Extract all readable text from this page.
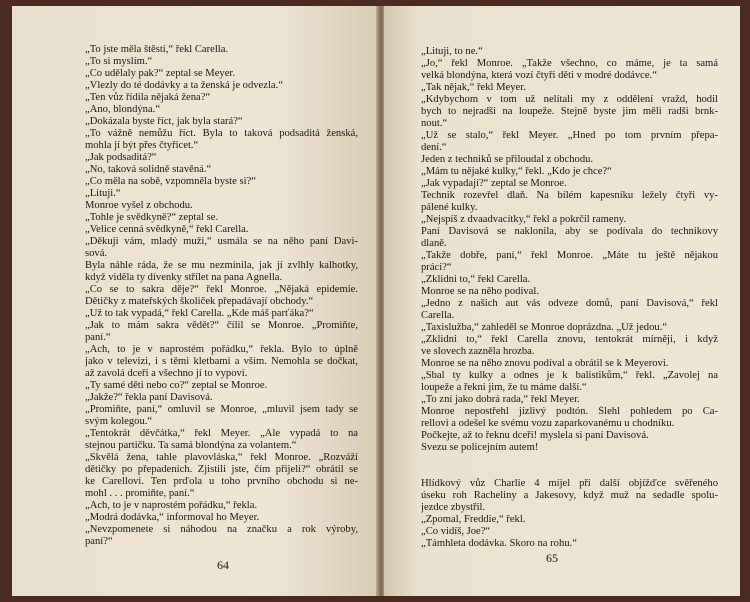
„To jste měla štěstí,“ řekl Carella.
„To si myslím.“
„Co udělaly pak?“ zeptal se Meyer.
„Vlezly do té dodávky a ta ženská je odvezla.“
„Ten vůz řídila nějaká žena?“
„Ano, blondýna.“
„Dokázala byste říct, jak byla stará?“
„To vážně nemůžu říct. Byla to taková podsaditá ženská,
mohla jí být přes čtyřicet.“
„Jak podsaditá?“
„No, taková solidně stavěná.“
„Co měla na sobě, vzpomněla byste si?“
„Lituji.“
Monroe vyšel z obchodu.
„Tohle je svědkyně?“ zeptal se.
„Velice cenná svědkyně,“ řekl Carella.
„Děkuji vám, mladý muži,“ usmála se na něho paní Davi-
sová.
Byla náhle ráda, že se mu nezmínila, jak jí zvlhly kalhotky,
když viděla ty dívenky střílet na pana Agnella.
„Co se to sakra děje?“ řekl Monroe. „Nějaká epidemie.
Dětičky z mateřských školiček přepadávají obchody.“
„Už to tak vypadá,“ řekl Carella. „Kde máš parťáka?“
„Jak to mám sakra vědět?“ čílil se Monroe. „Promiňte,
paní.“
„Ach, to je v naprostém pořádku,“ řekla. Bylo to úplně
jako v televizi, i s těmi kletbami a vším. Nemohla se dočkat,
až zavolá dceři a všechno jí to vypoví.
„Ty samé děti nebo co?“ zeptal se Monroe.
„Jakže?“ řekla paní Davisová.
„Promiňte, paní,“ omluvil se Monroe, „mluvil jsem tady se
svým kolegou.“
„Tentokrát děvčátka,“ řekl Meyer. „Ale vypadá to na
stejnou partičku. Ta samá blondýna za volantem.“
„Skvělá žena, tahle plavovláska,“ řekl Monroe. „Rozváží
dětičky po přepadeních. Zjistili jste, čím přijeli?“ obrátil se
ke Carellovi. Ten prďola u toho prvního obchodu si ne-
mohl . . . promiňte, paní.“
„Ach, to je v naprostém pořádku,“ řekla.
„Modrá dodávka,“ informoval ho Meyer.
„Nevzpomenete si náhodou na značku a rok výroby,
paní?“
64
„Lituji, to ne.“
„Jo,“ řekl Monroe. „Takže všechno, co máme, je ta samá
velká blondýna, která vozí čtyři děti v modré dodávce.“
„Tak nějak,“ řekl Meyer.
„Kdybychom v tom už nelítali my z oddělení vražd, hodil
bych to nejradši na loupeže. Stejně byste jim měli radši brnk-
nout.“
„Už se stalo,“ řekl Meyer. „Hned po tom prvním přepa-
dení.“
Jeden z techniků se přiloudal z obchodu.
„Mám tu nějaké kulky,“ řekl. „Kdo je chce?“
„Jak vypadají?“ zeptal se Monroe.
Technik rozevřel dlaň. Na bílém kapesníku ležely čtyři vy-
pálené kulky.
„Nejspíš z dvaadvacítky,“ řekl a pokrčil rameny.
Paní Davisová se naklonila, aby se podívala do technikovy
dlaně.
„Takže dobře, paní,“ řekl Monroe. „Máte tu ještě nějakou
práci?“
„Zklidni to,“ řekl Carella.
Monroe se na něho podíval.
„Jedno z našich aut vás odveze domů, paní Davisová,“ řekl
Carella.
„Taxislužba,“ zahleděl se Monroe doprázdna. „Už jedou.“
„Zklidni to,“ řekl Carella znovu, tentokrát mírněji, i když
ve slovech zazněla hrozba.
Monroe se na něho znovu podíval a obrátil se k Meyerovi.
„Sbal ty kulky a odnes je k balistikům,“ řekl. „Zavolej na
loupeže a řekni jim, že tu máme další.“
„To zní jako dobrá rada,“ řekl Meyer.
Monroe nepostřehl jízlivý podtón. Šlehl pohledem po Ca-
rellovi a odešel ke svému vozu zaparkovanému u chodníku.
Počkejte, až to řeknu dceři! myslela si paní Davisová.
Svezu se policejním autem!
Hlídkový vůz Charlie 4 míjel při další objížďce svěřeného
úseku roh Racheliny a Jakesovy, když muž na sedadle spolu-
jezdce zbystřil.
„Zpomal, Freddie,“ řekl.
„Co vidíš, Joe?“
„Támhleta dodávka. Skoro na rohu.“
65
